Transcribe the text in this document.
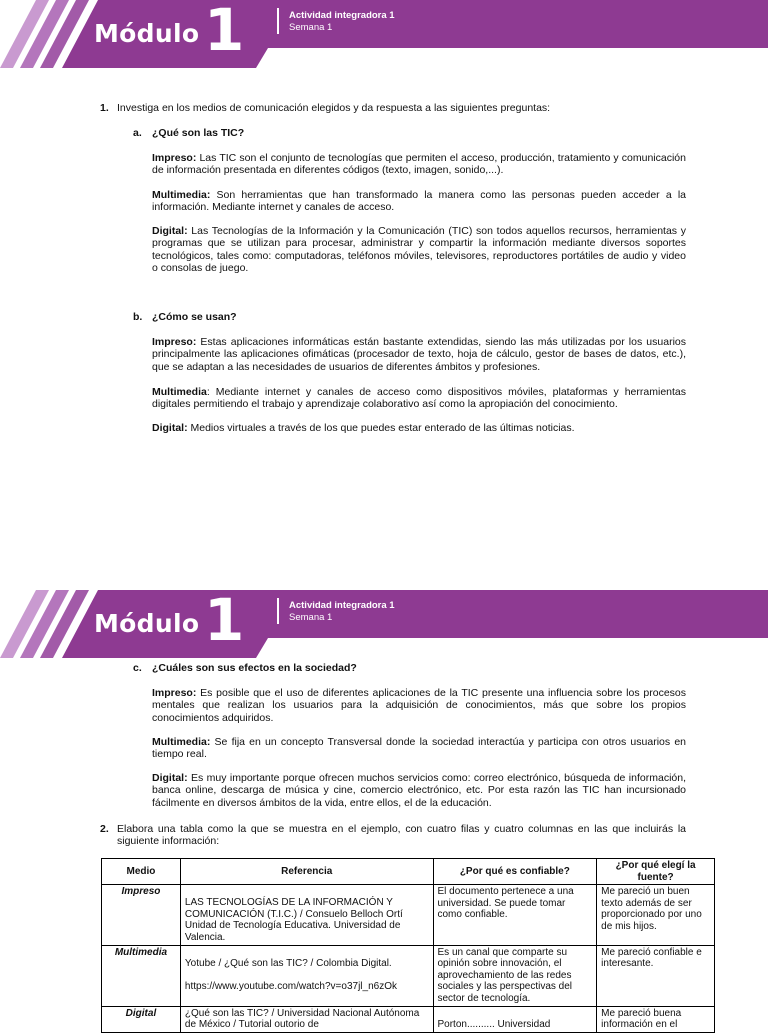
Módulo 1	Actividad integradora 1
Semana 1
1. Investiga en los medios de comunicación elegidos y da respuesta a las siguientes preguntas:
a. ¿Qué son las TIC?
Impreso: Las TIC son el conjunto de tecnologías que permiten el acceso, producción, tratamiento y comunicación de información presentada en diferentes códigos (texto, imagen, sonido,...).
Multimedia: Son herramientas que han transformado la manera como las personas pueden acceder a la información. Mediante internet y canales de acceso.
Digital: Las Tecnologías de la Información y la Comunicación (TIC) son todos aquellos recursos, herramientas y programas que se utilizan para procesar, administrar y compartir la información mediante diversos soportes tecnológicos, tales como: computadoras, teléfonos móviles, televisores, reproductores portátiles de audio y video o consolas de juego.
b. ¿Cómo se usan?
Impreso: Estas aplicaciones informáticas están bastante extendidas, siendo las más utilizadas por los usuarios principalmente las aplicaciones ofimáticas (procesador de texto, hoja de cálculo, gestor de bases de datos, etc.), que se adaptan a las necesidades de usuarios de diferentes ámbitos y profesiones.
Multimedia: Mediante internet y canales de acceso como dispositivos móviles, plataformas y herramientas digitales permitiendo el trabajo y aprendizaje colaborativo así como la apropiación del conocimiento.
Digital: Medios virtuales a través de los que puedes estar enterado de las últimas noticias.
Módulo 1	Actividad integradora 1
Semana 1
c. ¿Cuáles son sus efectos en la sociedad?
Impreso: Es posible que el uso de diferentes aplicaciones de la TIC presente una influencia sobre los procesos mentales que realizan los usuarios para la adquisición de conocimientos, más que sobre los propios conocimientos adquiridos.
Multimedia: Se fija en un concepto Transversal donde la sociedad interactúa y participa con otros usuarios en tiempo real.
Digital: Es muy importante porque ofrecen muchos servicios como: correo electrónico, búsqueda de información, banca online, descarga de música y cine, comercio electrónico, etc. Por esta razón las TIC han incursionado fácilmente en diversos ámbitos de la vida, entre ellos, el de la educación.
2. Elabora una tabla como la que se muestra en el ejemplo, con cuatro filas y cuatro columnas en las que incluirás la siguiente información:
Medio	Referencia	¿Por qué es confiable?	¿Por qué elegí la fuente?
Impreso	LAS TECNOLOGÍAS DE LA INFORMACIÓN Y COMUNICACIÓN (T.I.C.) / Consuelo Belloch Ortí Unidad de Tecnología Educativa. Universidad de Valencia.	El documento pertenece a una universidad. Se puede tomar como confiable.	Me pareció un buen texto además de ser proporcionado por uno de mis hijos.
Multimedia	Yotube / ¿Qué son las TIC? / Colombia Digital.
https://www.youtube.com/watch?v=o37jl_n6zOk	Es un canal que comparte su opinión sobre innovación, el aprovechamiento de las redes sociales y las perspectivas del sector de tecnología.	Me pareció confiable e interesante.
Digital	¿Qué son las TIC? / Universidad Nacional Autónoma de México / Tutorial outorio de	Porton.......... Universidad	Me pareció buena información en el
